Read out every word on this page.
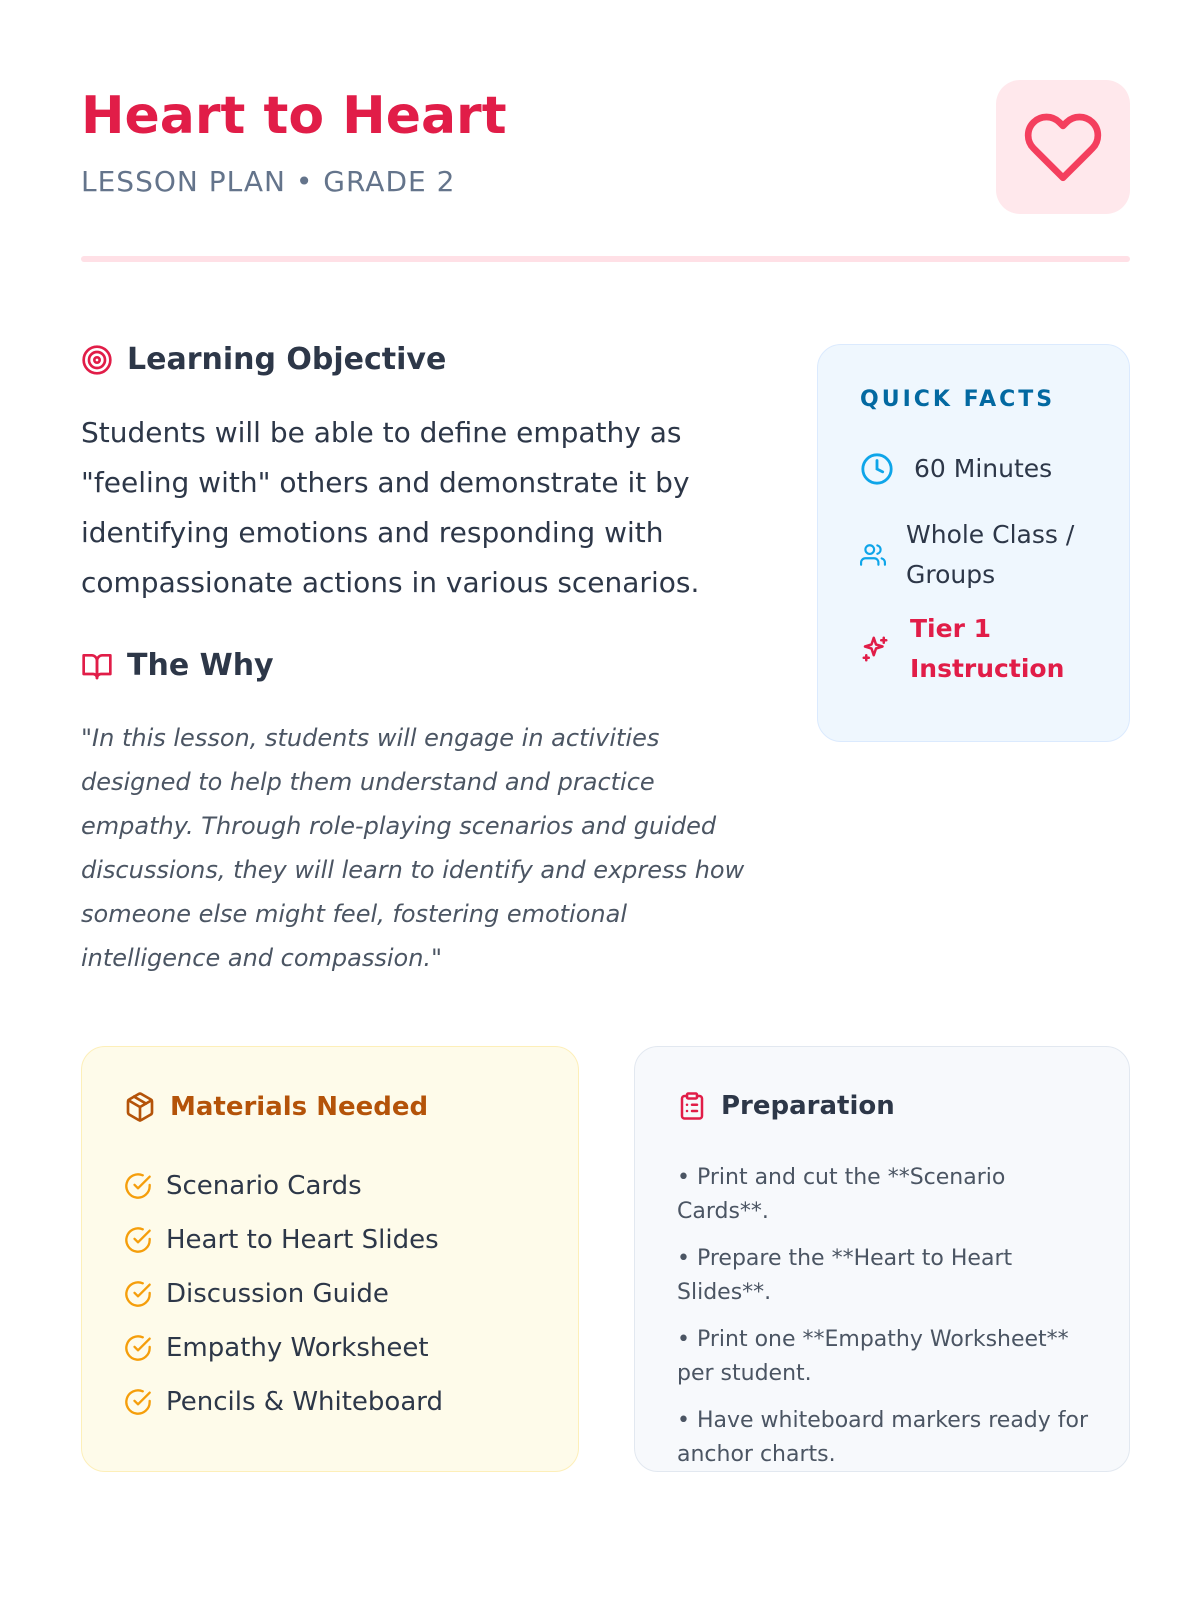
Heart to Heart
LESSON PLAN • GRADE 2
Learning Objective
Students will be able to define empathy as "feeling with" others and demonstrate it by identifying emotions and responding with compassionate actions in various scenarios.
The Why
"In this lesson, students will engage in activities designed to help them understand and practice empathy. Through role-playing scenarios and guided discussions, they will learn to identify and express how someone else might feel, fostering emotional intelligence and compassion."
QUICK FACTS
60 Minutes
Whole Class / Groups
Tier 1 Instruction
Materials Needed
Scenario Cards
Heart to Heart Slides
Discussion Guide
Empathy Worksheet
Pencils & Whiteboard
Preparation
• Print and cut the **Scenario Cards**.
• Prepare the **Heart to Heart Slides**.
• Print one **Empathy Worksheet** per student.
• Have whiteboard markers ready for anchor charts.
